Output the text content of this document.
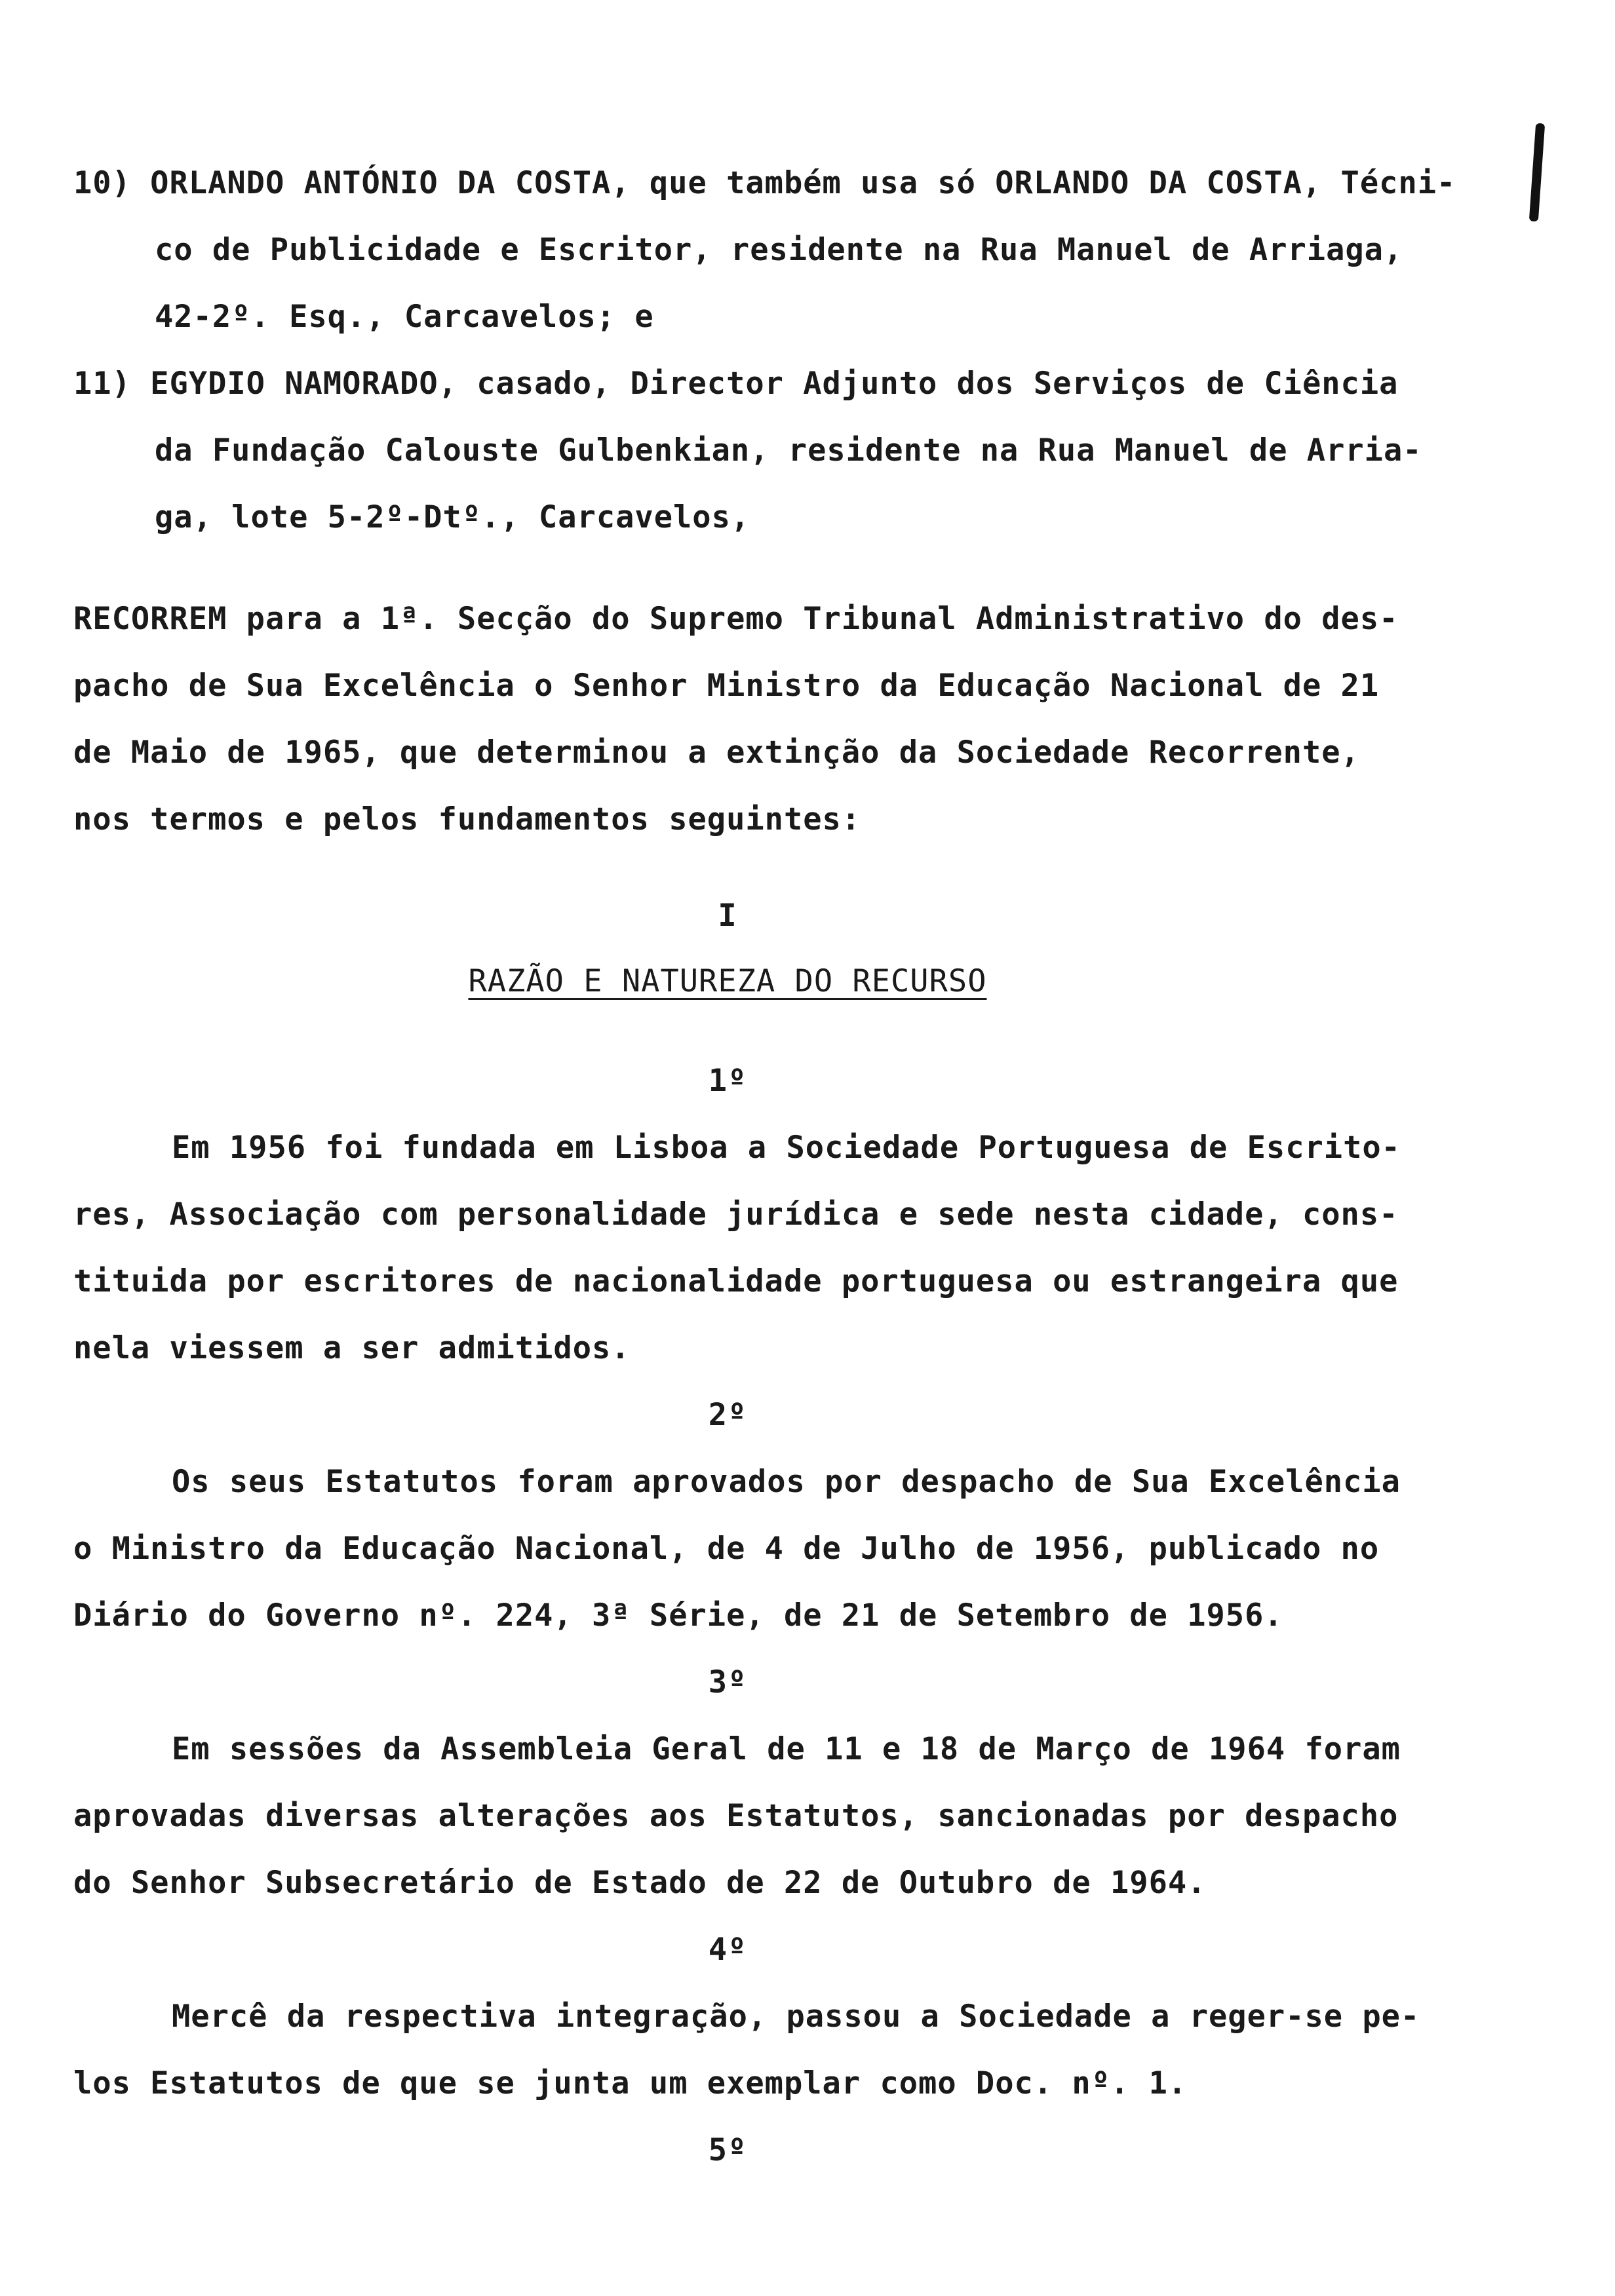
10) ORLANDO ANTÓNIO DA COSTA, que também usa só ORLANDO DA COSTA, Técni-
co de Publicidade e Escritor, residente na Rua Manuel de Arriaga,
42-2º. Esq., Carcavelos; e
11) EGYDIO NAMORADO, casado, Director Adjunto dos Serviços de Ciência
da Fundação Calouste Gulbenkian, residente na Rua Manuel de Arria-
ga, lote 5-2º-Dtº., Carcavelos,
RECORREM para a 1ª. Secção do Supremo Tribunal Administrativo do des-
pacho de Sua Excelência o Senhor Ministro da Educação Nacional de 21
de Maio de 1965, que determinou a extinção da Sociedade Recorrente,
nos termos e pelos fundamentos seguintes:
I
RAZÃO E NATUREZA DO RECURSO
1º
Em 1956 foi fundada em Lisboa a Sociedade Portuguesa de Escrito-
res, Associação com personalidade jurídica e sede nesta cidade, cons-
tituida por escritores de nacionalidade portuguesa ou estrangeira que
nela viessem a ser admitidos.
2º
Os seus Estatutos foram aprovados por despacho de Sua Excelência
o Ministro da Educação Nacional, de 4 de Julho de 1956, publicado no
Diário do Governo nº. 224, 3ª Série, de 21 de Setembro de 1956.
3º
Em sessões da Assembleia Geral de 11 e 18 de Março de 1964 foram
aprovadas diversas alterações aos Estatutos, sancionadas por despacho
do Senhor Subsecretário de Estado de 22 de Outubro de 1964.
4º
Mercê da respectiva integração, passou a Sociedade a reger-se pe-
los Estatutos de que se junta um exemplar como Doc. nº. 1.
5º
